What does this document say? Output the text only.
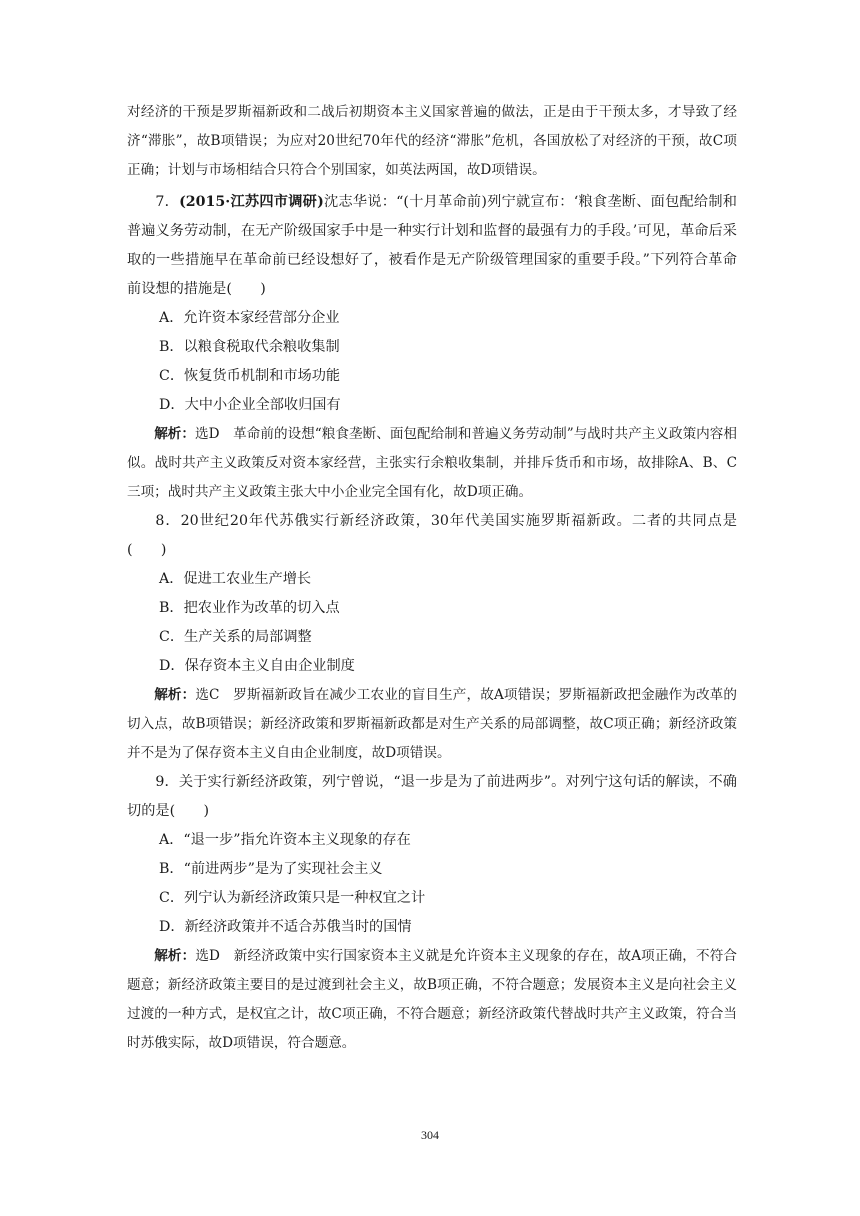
对经济的干预是罗斯福新政和二战后初期资本主义国家普遍的做法，正是由于干预太多，才导致了经济“滞胀”，故B项错误；为应对20世纪70年代的经济“滞胀”危机，各国放松了对经济的干预，故C项正确；计划与市场相结合只符合个别国家，如英法两国，故D项错误。

7．(2015·江苏四市调研)沈志华说：“(十月革命前)列宁就宣布：‘粮食垄断、面包配给制和普遍义务劳动制，在无产阶级国家手中是一种实行计划和监督的最强有力的手段。’可见，革命后采取的一些措施早在革命前已经设想好了，被看作是无产阶级管理国家的重要手段。”下列符合革命前设想的措施是(　　)

A．允许资本家经营部分企业

B．以粮食税取代余粮收集制

C．恢复货币机制和市场功能

D．大中小企业全部收归国有

解析：选D　革命前的设想“粮食垄断、面包配给制和普遍义务劳动制”与战时共产主义政策内容相似。战时共产主义政策反对资本家经营，主张实行余粮收集制，并排斥货币和市场，故排除A、B、C三项；战时共产主义政策主张大中小企业完全国有化，故D项正确。

8．20世纪20年代苏俄实行新经济政策，30年代美国实施罗斯福新政。二者的共同点是(　　)

A．促进工农业生产增长

B．把农业作为改革的切入点

C．生产关系的局部调整

D．保存资本主义自由企业制度

解析：选C　罗斯福新政旨在减少工农业的盲目生产，故A项错误；罗斯福新政把金融作为改革的切入点，故B项错误；新经济政策和罗斯福新政都是对生产关系的局部调整，故C项正确；新经济政策并不是为了保存资本主义自由企业制度，故D项错误。

9．关于实行新经济政策，列宁曾说，“退一步是为了前进两步”。对列宁这句话的解读，不确切的是(　　)

A．“退一步”指允许资本主义现象的存在

B．“前进两步”是为了实现社会主义

C．列宁认为新经济政策只是一种权宜之计

D．新经济政策并不适合苏俄当时的国情

解析：选D　新经济政策中实行国家资本主义就是允许资本主义现象的存在，故A项正确，不符合题意；新经济政策主要目的是过渡到社会主义，故B项正确，不符合题意；发展资本主义是向社会主义过渡的一种方式，是权宜之计，故C项正确，不符合题意；新经济政策代替战时共产主义政策，符合当时苏俄实际，故D项错误，符合题意。

304
